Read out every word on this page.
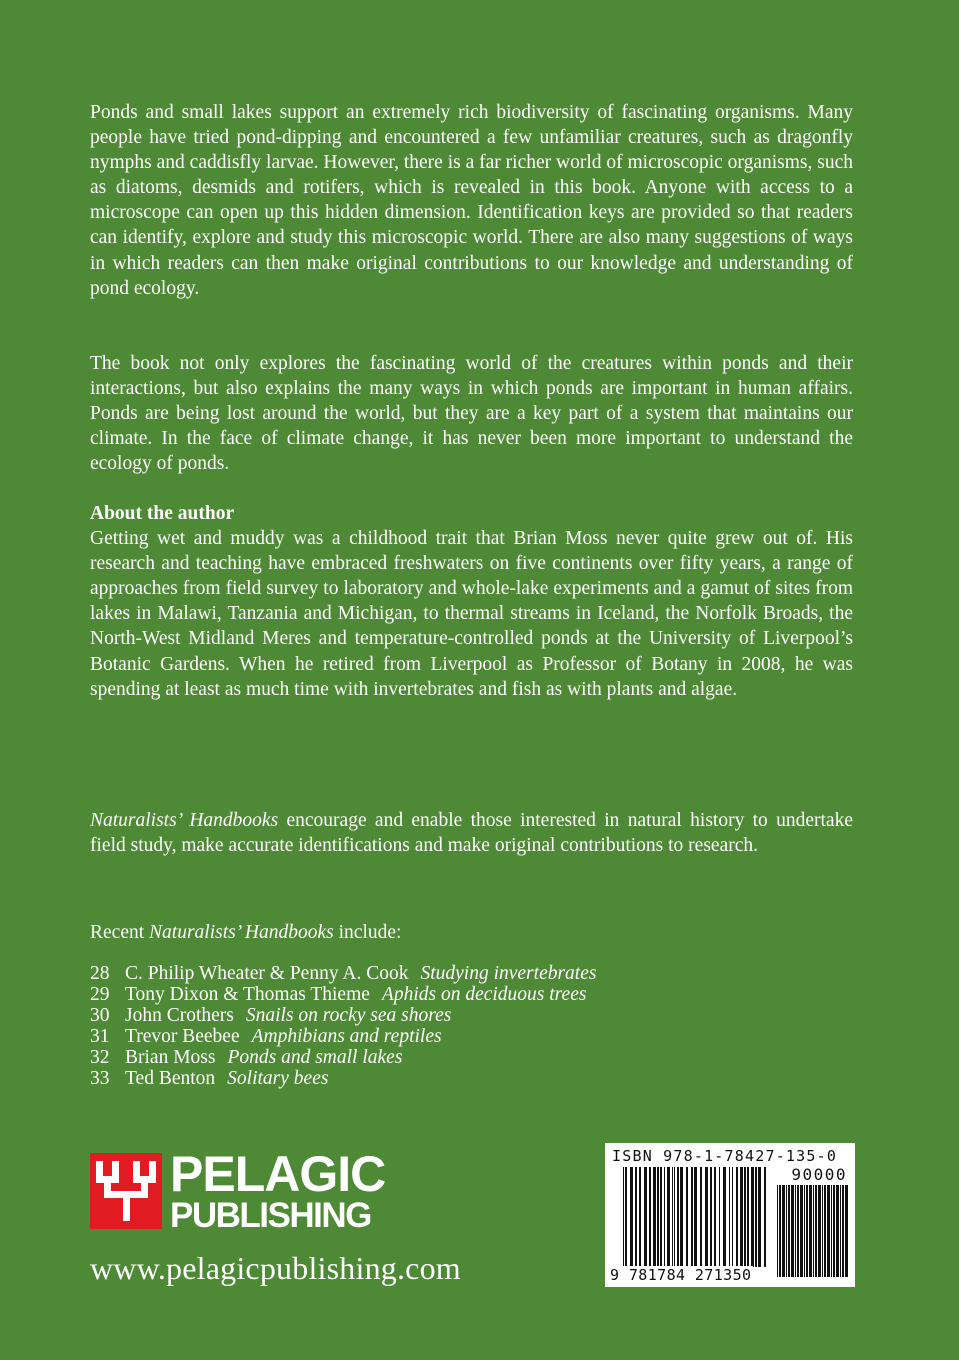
Ponds and small lakes support an extremely rich biodiversity of fascinating organisms. Many people have tried pond-dipping and encountered a few unfamiliar creatures, such as dragonfly nymphs and caddisfly larvae. However, there is a far richer world of microscopic organisms, such as diatoms, desmids and rotifers, which is revealed in this book. Anyone with access to a microscope can open up this hidden dimension. Identification keys are provided so that readers can identify, explore and study this microscopic world. There are also many suggestions of ways in which readers can then make original contributions to our knowledge and understanding of pond ecology.

The book not only explores the fascinating world of the creatures within ponds and their interactions, but also explains the many ways in which ponds are important in human affairs. Ponds are being lost around the world, but they are a key part of a system that maintains our climate. In the face of climate change, it has never been more important to understand the ecology of ponds.

About the author
Getting wet and muddy was a childhood trait that Brian Moss never quite grew out of. His research and teaching have embraced freshwaters on five continents over fifty years, a range of approaches from field survey to laboratory and whole-lake experiments and a gamut of sites from lakes in Malawi, Tanzania and Michigan, to thermal streams in Iceland, the Norfolk Broads, the North-West Midland Meres and temperature-controlled ponds at the University of Liverpool’s Botanic Gardens. When he retired from Liverpool as Professor of Botany in 2008, he was spending at least as much time with invertebrates and fish as with plants and algae.

Naturalists’ Handbooks encourage and enable those interested in natural history to undertake field study, make accurate identifications and make original contributions to research.

Recent Naturalists’ Handbooks include:

28 C. Philip Wheater & Penny A. Cook Studying invertebrates
29 Tony Dixon & Thomas Thieme Aphids on deciduous trees
30 John Crothers Snails on rocky sea shores
31 Trevor Beebee Amphibians and reptiles
32 Brian Moss Ponds and small lakes
33 Ted Benton Solitary bees
PELAGIC
PUBLISHING
www.pelagicpublishing.com
ISBN 978-1-78427-135-0
90000
9 781784 271350
